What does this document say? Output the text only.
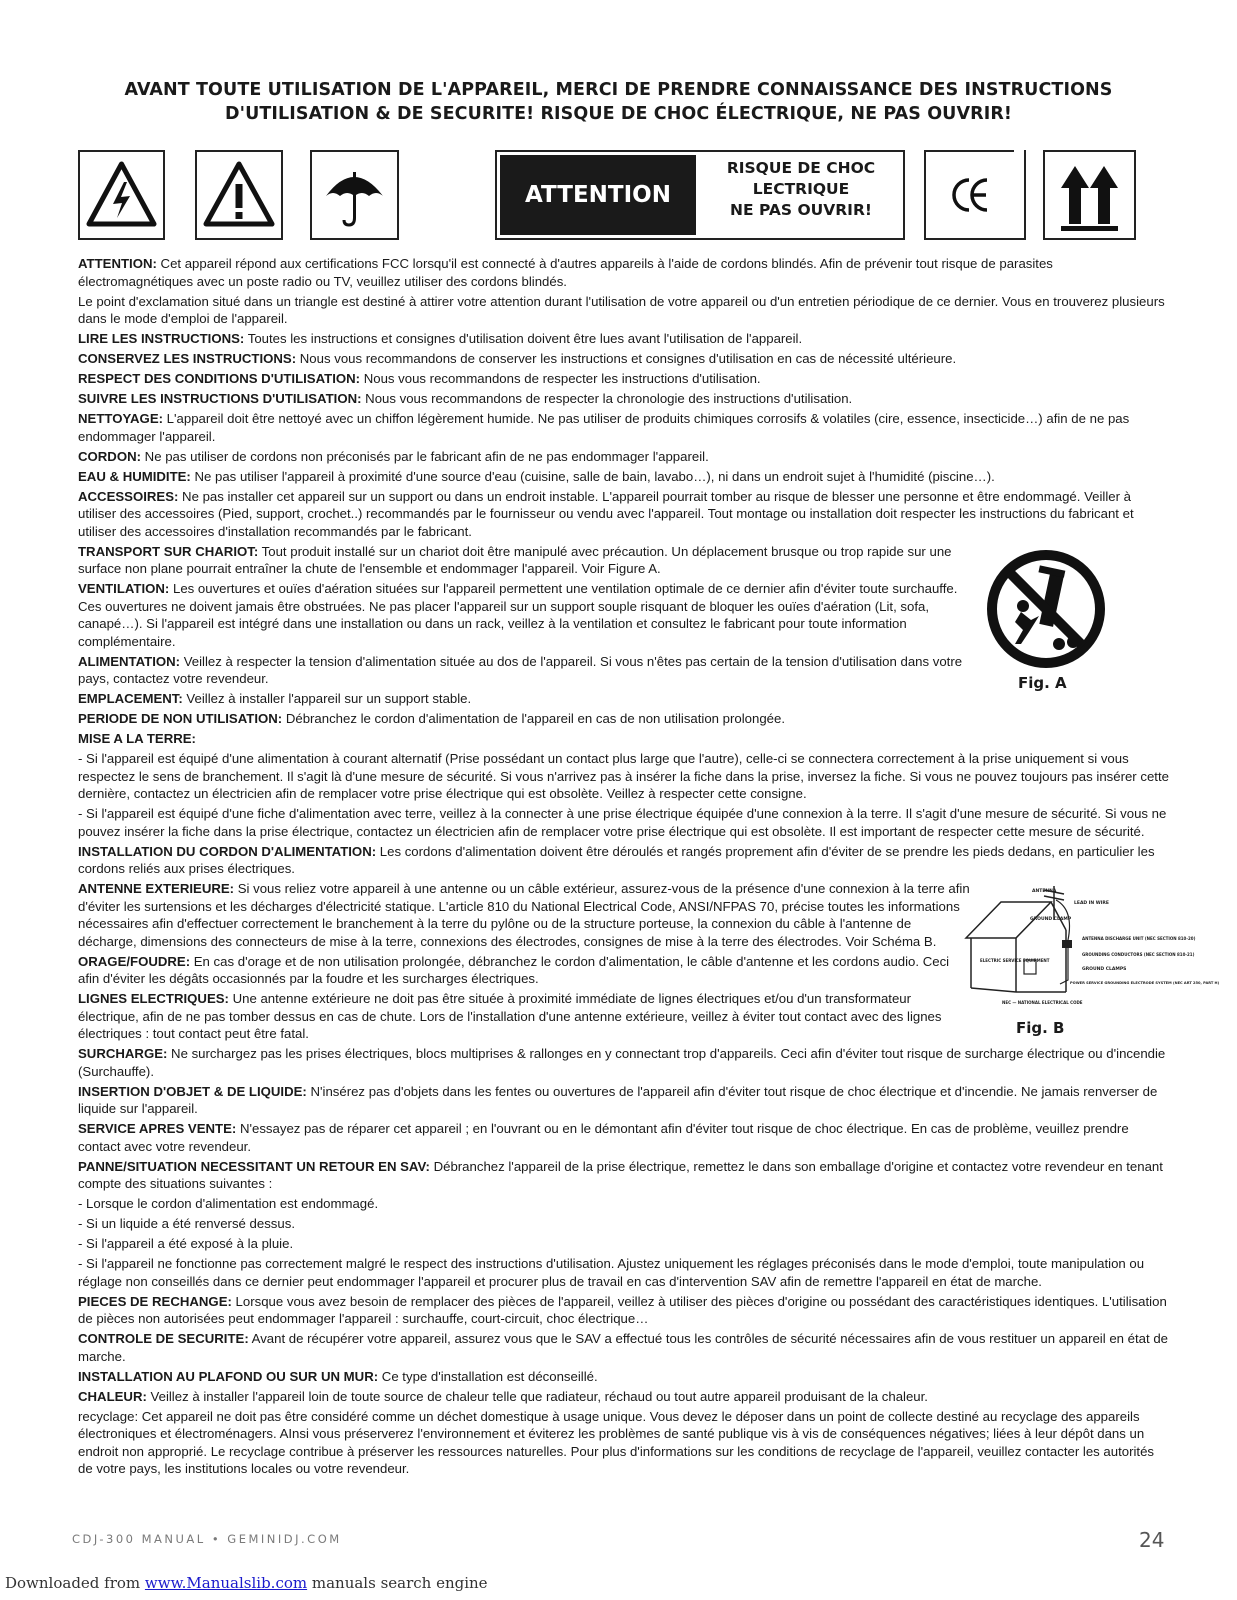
AVANT TOUTE UTILISATION DE L'APPAREIL, MERCI DE PRENDRE CONNAISSANCE DES INSTRUCTIONS
D'UTILISATION & DE SECURITE! RISQUE DE CHOC ÉLECTRIQUE, NE PAS OUVRIR!
ATTENTION
RISQUE DE CHOC
LECTRIQUE
NE PAS OUVRIR!

ATTENTION: Cet appareil répond aux certifications FCC lorsqu'il est connecté à d'autres appareils à l'aide de cordons blindés. Afin de prévenir tout risque de parasites électromagnétiques avec un poste radio ou TV, veuillez utiliser des cordons blindés.

Le point d'exclamation situé dans un triangle est destiné à attirer votre attention durant l'utilisation de votre appareil ou d'un entretien périodique de ce dernier. Vous en trouverez plusieurs dans le mode d'emploi de l'appareil.

LIRE LES INSTRUCTIONS: Toutes les instructions et consignes d'utilisation doivent être lues avant l'utilisation de l'appareil.

CONSERVEZ LES INSTRUCTIONS: Nous vous recommandons de conserver les instructions et consignes d'utilisation en cas de nécessité ultérieure.

RESPECT DES CONDITIONS D'UTILISATION: Nous vous recommandons de respecter les instructions d'utilisation.

SUIVRE LES INSTRUCTIONS D'UTILISATION: Nous vous recommandons de respecter la chronologie des instructions d'utilisation.

NETTOYAGE: L'appareil doit être nettoyé avec un chiffon légèrement humide. Ne pas utiliser de produits chimiques corrosifs & volatiles (cire, essence, insecticide…) afin de ne pas endommager l'appareil.

CORDON: Ne pas utiliser de cordons non préconisés par le fabricant afin de ne pas endommager l'appareil.

EAU & HUMIDITE: Ne pas utiliser l'appareil à proximité d'une source d'eau (cuisine, salle de bain, lavabo…), ni dans un endroit sujet à l'humidité (piscine…).

ACCESSOIRES: Ne pas installer cet appareil sur un support ou dans un endroit instable. L'appareil pourrait tomber au risque de blesser une personne et être endommagé. Veiller à utiliser des accessoires (Pied, support, crochet..) recommandés par le fournisseur ou vendu avec l'appareil. Tout montage ou installation doit respecter les instructions du fabricant et utiliser des accessoires d'installation recommandés par le fabricant.

TRANSPORT SUR CHARIOT: Tout produit installé sur un chariot doit être manipulé avec précaution. Un déplacement brusque ou trop rapide sur une surface non plane pourrait entraîner la chute de l'ensemble et endommager l'appareil. Voir Figure A.

VENTILATION: Les ouvertures et ouïes d'aération situées sur l'appareil permettent une ventilation optimale de ce dernier afin d'éviter toute surchauffe. Ces ouvertures ne doivent jamais être obstruées. Ne pas placer l'appareil sur un support souple risquant de bloquer les ouïes d'aération (Lit, sofa, canapé…). Si l'appareil est intégré dans une installation ou dans un rack, veillez à la ventilation et consultez le fabricant pour toute information complémentaire.

ALIMENTATION: Veillez à respecter la tension d'alimentation située au dos de l'appareil. Si vous n'êtes pas certain de la tension d'utilisation dans votre pays, contactez votre revendeur.

EMPLACEMENT: Veillez à installer l'appareil sur un support stable.

PERIODE DE NON UTILISATION: Débranchez le cordon d'alimentation de l'appareil en cas de non utilisation prolongée.

MISE A LA TERRE:

- Si l'appareil est équipé d'une alimentation à courant alternatif (Prise possédant un contact plus large que l'autre), celle-ci se connectera correctement à la prise uniquement si vous respectez le sens de branchement. Il s'agit là d'une mesure de sécurité. Si vous n'arrivez pas à insérer la fiche dans la prise, inversez la fiche. Si vous ne pouvez toujours pas insérer cette dernière, contactez un électricien afin de remplacer votre prise électrique qui est obsolète. Veillez à respecter cette consigne.

- Si l'appareil est équipé d'une fiche d'alimentation avec terre, veillez à la connecter à une prise électrique équipée d'une connexion à la terre. Il s'agit d'une mesure de sécurité. Si vous ne pouvez insérer la fiche dans la prise électrique, contactez un électricien afin de remplacer votre prise électrique qui est obsolète. Il est important de respecter cette mesure de sécurité.

INSTALLATION DU CORDON D'ALIMENTATION: Les cordons d'alimentation doivent être déroulés et rangés proprement afin d'éviter de se prendre les pieds dedans, en particulier les cordons reliés aux prises électriques.

ANTENNE EXTERIEURE: Si vous reliez votre appareil à une antenne ou un câble extérieur, assurez-vous de la présence d'une connexion à la terre afin d'éviter les surtensions et les décharges d'électricité statique. L'article 810 du National Electrical Code, ANSI/NFPAS 70, précise toutes les informations nécessaires afin d'effectuer correctement le branchement à la terre du pylône ou de la structure porteuse, la connexion du câble à l'antenne de décharge, dimensions des connecteurs de mise à la terre, connexions des électrodes, consignes de mise à la terre des électrodes. Voir Schéma B.

ORAGE/FOUDRE: En cas d'orage et de non utilisation prolongée, débranchez le cordon d'alimentation, le câble d'antenne et les cordons audio. Ceci afin d'éviter les dégâts occasionnés par la foudre et les surcharges électriques.

LIGNES ELECTRIQUES: Une antenne extérieure ne doit pas être située à proximité immédiate de lignes électriques et/ou d'un transformateur électrique, afin de ne pas tomber dessus en cas de chute. Lors de l'installation d'une antenne extérieure, veillez à éviter tout contact avec des lignes électriques : tout contact peut être fatal.

SURCHARGE: Ne surchargez pas les prises électriques, blocs multiprises & rallonges en y connectant trop d'appareils. Ceci afin d'éviter tout risque de surcharge électrique ou d'incendie (Surchauffe).

INSERTION D'OBJET & DE LIQUIDE: N'insérez pas d'objets dans les fentes ou ouvertures de l'appareil afin d'éviter tout risque de choc électrique et d'incendie. Ne jamais renverser de liquide sur l'appareil.

SERVICE APRES VENTE: N'essayez pas de réparer cet appareil ; en l'ouvrant ou en le démontant afin d'éviter tout risque de choc électrique. En cas de problème, veuillez prendre contact avec votre revendeur.

PANNE/SITUATION NECESSITANT UN RETOUR EN SAV: Débranchez l'appareil de la prise électrique, remettez le dans son emballage d'origine et contactez votre revendeur en tenant compte des situations suivantes :

- Lorsque le cordon d'alimentation est endommagé.

- Si un liquide a été renversé dessus.

- Si l'appareil a été exposé à la pluie.

- Si l'appareil ne fonctionne pas correctement malgré le respect des instructions d'utilisation. Ajustez uniquement les réglages préconisés dans le mode d'emploi, toute manipulation ou réglage non conseillés dans ce dernier peut endommager l'appareil et procurer plus de travail en cas d'intervention SAV afin de remettre l'appareil en état de marche.

PIECES DE RECHANGE: Lorsque vous avez besoin de remplacer des pièces de l'appareil, veillez à utiliser des pièces d'origine ou possédant des caractéristiques identiques. L'utilisation de pièces non autorisées peut endommager l'appareil : surchauffe, court-circuit, choc électrique…

CONTROLE DE SECURITE: Avant de récupérer votre appareil, assurez vous que le SAV a effectué tous les contrôles de sécurité nécessaires afin de vous restituer un appareil en état de marche.

INSTALLATION AU PLAFOND OU SUR UN MUR: Ce type d'installation est déconseillé.

CHALEUR: Veillez à installer l'appareil loin de toute source de chaleur telle que radiateur, réchaud ou tout autre appareil produisant de la chaleur.

recyclage: Cet appareil ne doit pas être considéré comme un déchet domestique à usage unique. Vous devez le déposer dans un point de collecte destiné au recyclage des appareils électroniques et électroménagers. AInsi vous préserverez l'environnement et éviterez les problèmes de santé publique vis à vis de conséquences négatives; liées à leur dépôt dans un endroit non approprié. Le recyclage contribue à préserver les ressources naturelles. Pour plus d'informations sur les conditions de recyclage de l'appareil, veuillez contacter les autorités de votre pays, les institutions locales ou votre revendeur.

Fig. A
ANTENNA
LEAD IN WIRE
GROUND CLAMP
ANTENNA DISCHARGE UNIT (NEC SECTION 810-20)
GROUNDING CONDUCTORS (NEC SECTION 810-21)
ELECTRIC SERVICE EQUIPMENT
GROUND CLAMPS
POWER SERVICE GROUNDING ELECTRODE SYSTEM (NEC ART 250, PART H)
NEC — NATIONAL ELECTRICAL CODE
Fig. B
CDJ-300 MANUAL • GEMINIDJ.COM	24
Downloaded from www.Manualslib.com manuals search engine
